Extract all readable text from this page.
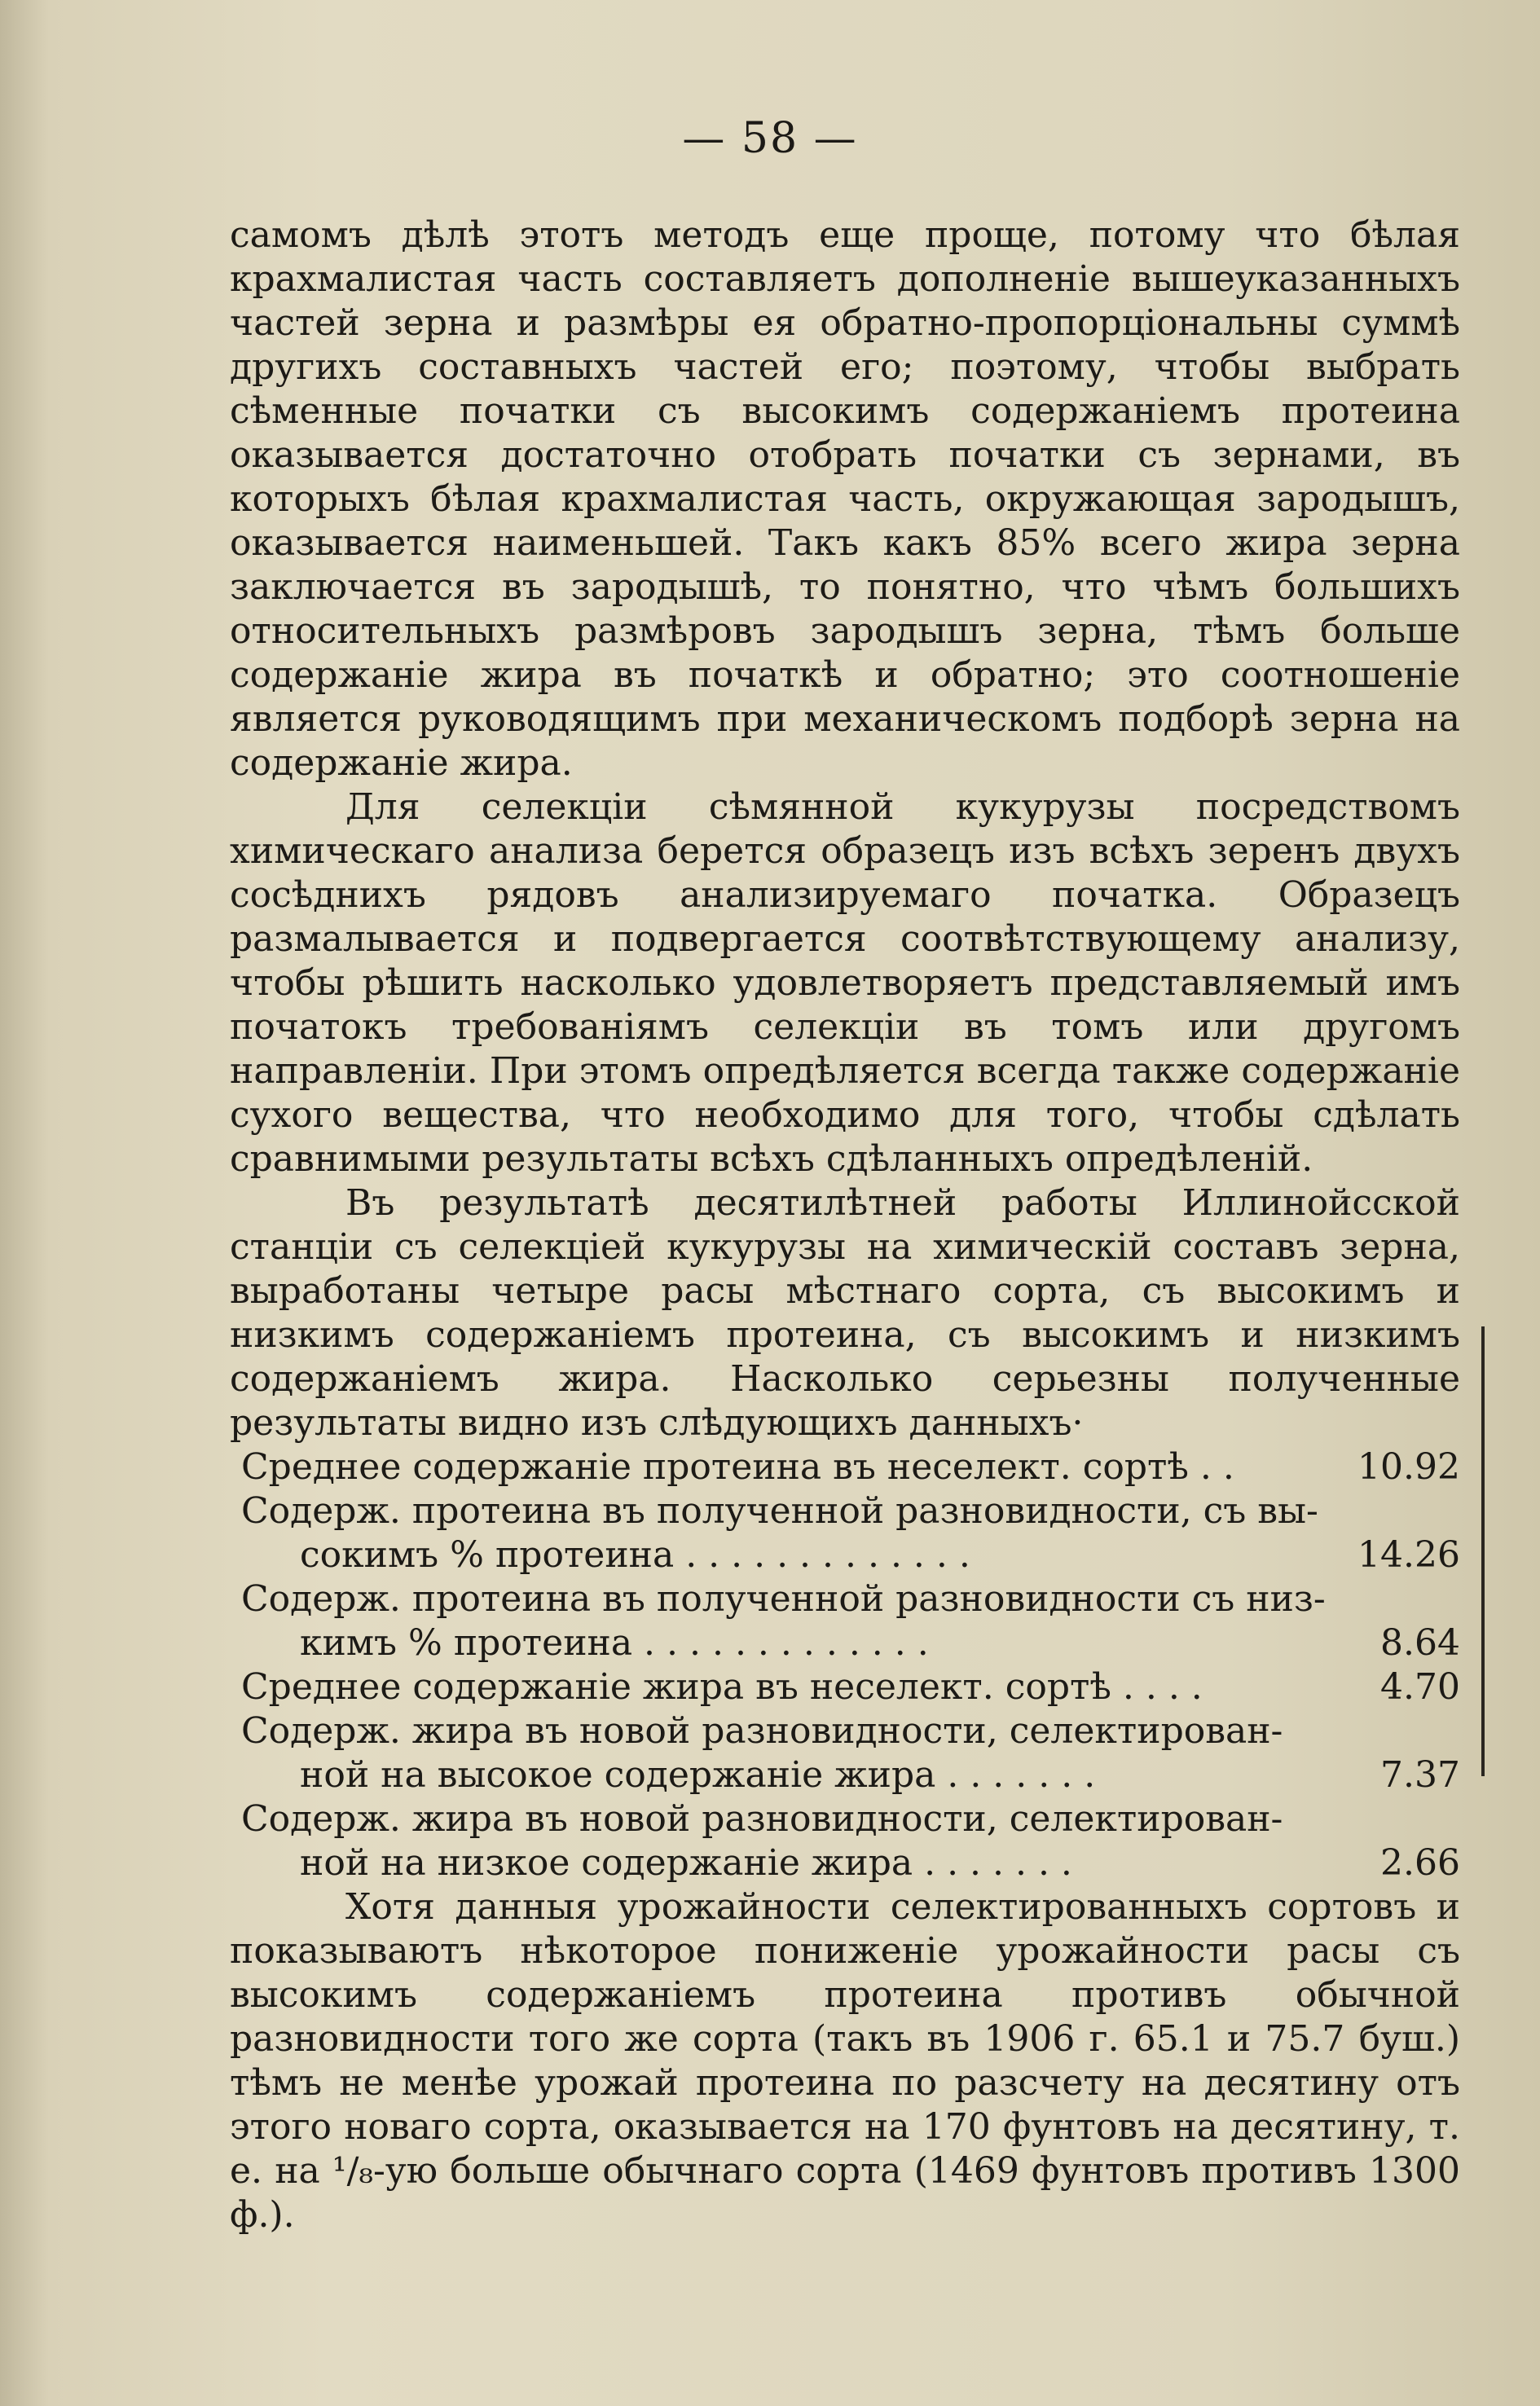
— 58 —

самомъ дѣлѣ этотъ методъ еще проще, потому что бѣлая крахмалистая часть составляетъ дополненіе вышеуказанныхъ частей зерна и размѣры ея обратно-пропорціональны суммѣ другихъ составныхъ частей его; поэтому, чтобы выбрать сѣменные початки съ высокимъ содержаніемъ протеина оказывается достаточно отобрать початки съ зернами, въ которыхъ бѣлая крахмалистая часть, окружающая зародышъ, оказывается наименьшей. Такъ какъ 85% всего жира зерна заключается въ зародышѣ, то понятно, что чѣмъ большихъ относительныхъ размѣровъ зародышъ зерна, тѣмъ больше содержаніе жира въ початкѣ и обратно; это соотношеніе является руководящимъ при механическомъ подборѣ зерна на содержаніе жира.

Для селекціи сѣмянной кукурузы посредствомъ химическаго анализа берется образецъ изъ всѣхъ зеренъ двухъ сосѣднихъ рядовъ анализируемаго початка. Образецъ размалывается и подвергается соотвѣтствующему анализу, чтобы рѣшить насколько удовлетворяетъ представляемый имъ початокъ требованіямъ селекціи въ томъ или другомъ направленіи. При этомъ опредѣляется всегда также содержаніе сухого вещества, что необходимо для того, чтобы сдѣлать сравнимыми результаты всѣхъ сдѣланныхъ опредѣленій.

Въ результатѣ десятилѣтней работы Иллинойсской станціи съ селекціей кукурузы на химическій составъ зерна, выработаны четыре расы мѣстнаго сорта, съ высокимъ и низкимъ содержаніемъ протеина, съ высокимъ и низкимъ содержаніемъ жира. Насколько серьезны полученные результаты видно изъ слѣдующихъ данныхъ·

Среднее содержаніе протеина въ неселект. сортѣ . .	10.92
Содерж. протеина въ полученной разновидности, съ вы-
сокимъ % протеина . . . . . . . . . . . . .	14.26
Содерж. протеина въ полученной разновидности съ низ-
кимъ % протеина . . . . . . . . . . . . .	8.64
Среднее содержаніе жира въ неселект. сортѣ . . . .	4.70
Содерж. жира въ новой разновидности, селектирован-
ной на высокое содержаніе жира . . . . . . .	7.37
Содерж. жира въ новой разновидности, селектирован-
ной на низкое содержаніе жира . . . . . . .	2.66

Хотя данныя урожайности селектированныхъ сортовъ и показываютъ нѣкоторое пониженіе урожайности расы съ высокимъ содержаніемъ протеина противъ обычной разновидности того же сорта (такъ въ 1906 г. 65.1 и 75.7 буш.) тѣмъ не менѣе урожай протеина по разсчету на десятину отъ этого новаго сорта, оказывается на 170 фунтовъ на десятину, т. е. на ¹/₈-ую больше обычнаго сорта (1469 фунтовъ противъ 1300 ф.).
